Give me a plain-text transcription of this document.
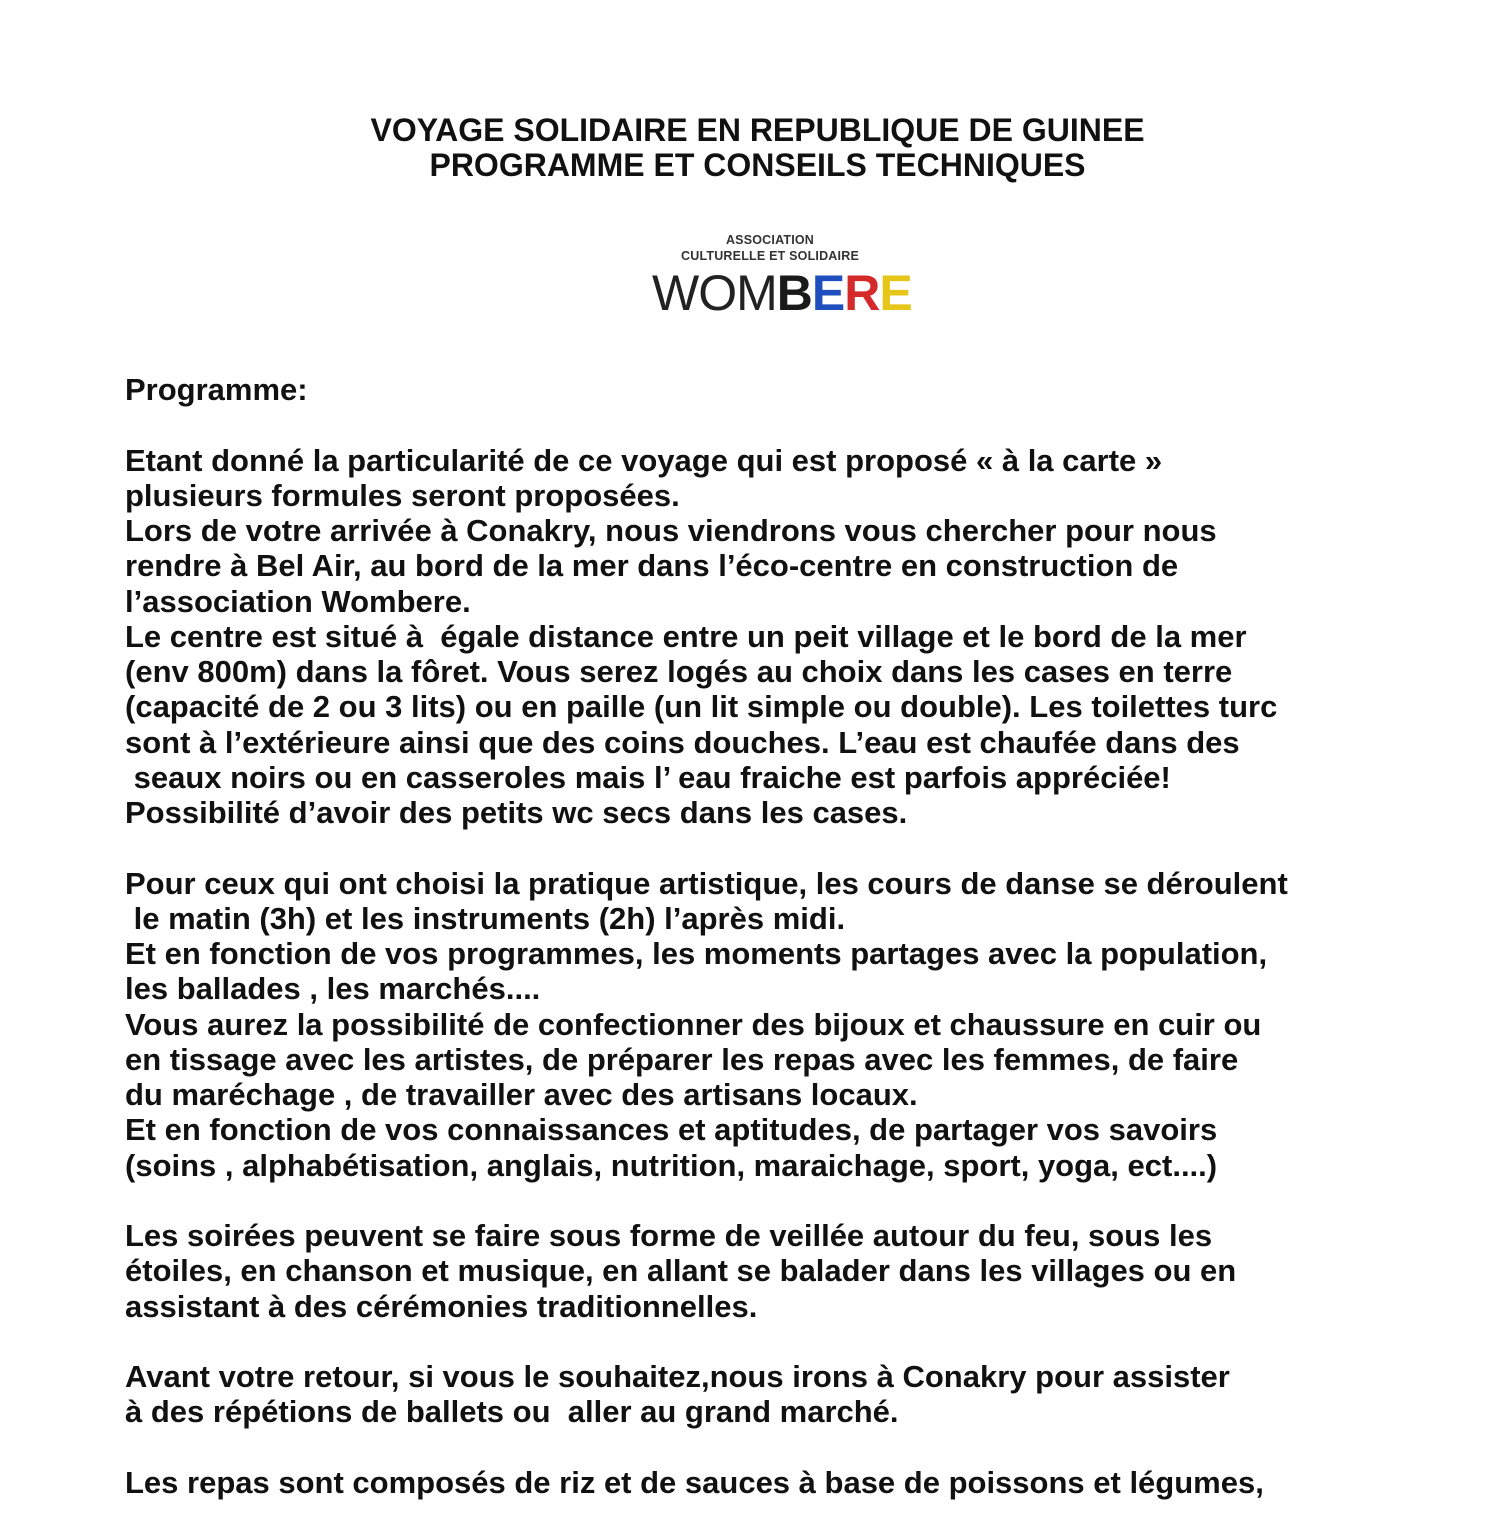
VOYAGE SOLIDAIRE EN REPUBLIQUE DE GUINEE
PROGRAMME ET CONSEILS TECHNIQUES
ASSOCIATION
CULTURELLE ET SOLIDAIRE
WOMBERE
Programme:
Etant donné la particularité de ce voyage qui est proposé « à la carte »
plusieurs formules seront proposées.
Lors de votre arrivée à Conakry, nous viendrons vous chercher pour nous
rendre à Bel Air, au bord de la mer dans l’éco-centre en construction de
l’association Wombere.
Le centre est situé à  égale distance entre un peit village et le bord de la mer
(env 800m) dans la fôret. Vous serez logés au choix dans les cases en terre
(capacité de 2 ou 3 lits) ou en paille (un lit simple ou double). Les toilettes turc
sont à l’extérieure ainsi que des coins douches. L’eau est chaufée dans des
seaux noirs ou en casseroles mais l’ eau fraiche est parfois appréciée!
Possibilité d’avoir des petits wc secs dans les cases.
Pour ceux qui ont choisi la pratique artistique, les cours de danse se déroulent
le matin (3h) et les instruments (2h) l’après midi.
Et en fonction de vos programmes, les moments partages avec la population,
les ballades , les marchés....
Vous aurez la possibilité de confectionner des bijoux et chaussure en cuir ou
en tissage avec les artistes, de préparer les repas avec les femmes, de faire
du maréchage , de travailler avec des artisans locaux.
Et en fonction de vos connaissances et aptitudes, de partager vos savoirs
(soins , alphabétisation, anglais, nutrition, maraichage, sport, yoga, ect....)
Les soirées peuvent se faire sous forme de veillée autour du feu, sous les
étoiles, en chanson et musique, en allant se balader dans les villages ou en
assistant à des cérémonies traditionnelles.
Avant votre retour, si vous le souhaitez,nous irons à Conakry pour assister
à des répétions de ballets ou  aller au grand marché.
Les repas sont composés de riz et de sauces à base de poissons et légumes,
